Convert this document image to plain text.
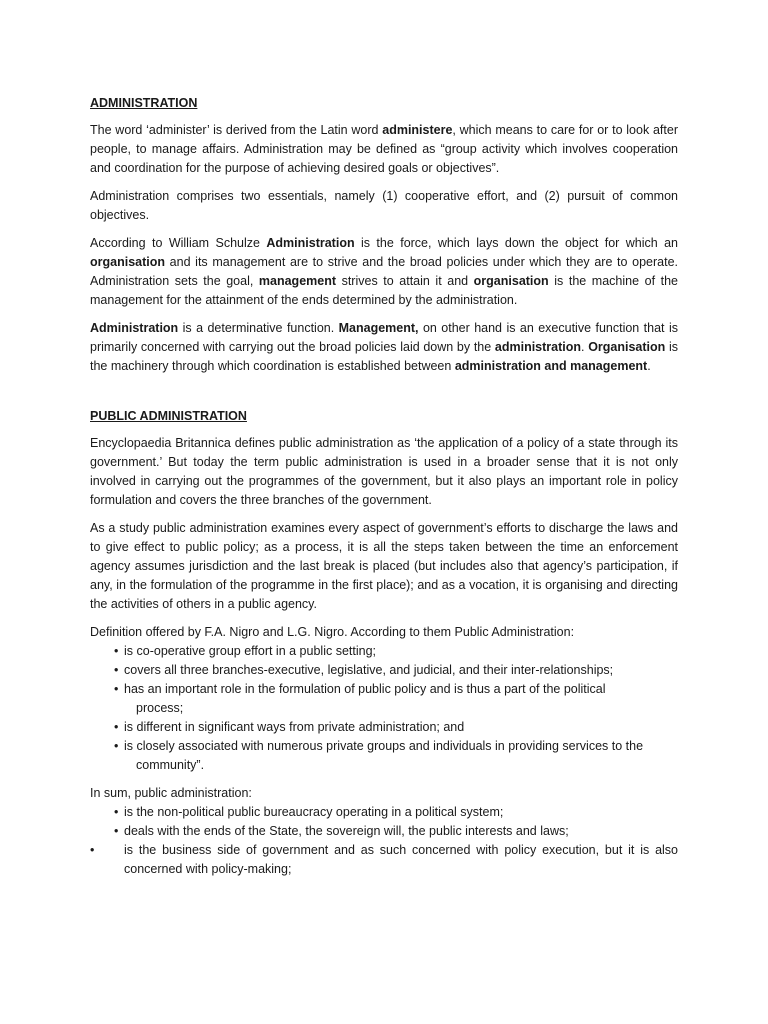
ADMINISTRATION

The word ‘administer’ is derived from the Latin word administere, which means to care for or to look after people, to manage affairs. Administration may be defined as “group activity which involves cooperation and coordination for the purpose of achieving desired goals or objectives”.

Administration comprises two essentials, namely (1) cooperative effort, and (2) pursuit of common objectives.

According to William Schulze Administration is the force, which lays down the object for which an organisation and its management are to strive and the broad policies under which they are to operate. Administration sets the goal, management strives to attain it and organisation is the machine of the management for the attainment of the ends determined by the administration.

Administration is a determinative function. Management, on other hand is an executive function that is primarily concerned with carrying out the broad policies laid down by the administration. Organisation is the machinery through which coordination is established between administration and management.

PUBLIC ADMINISTRATION

Encyclopaedia Britannica defines public administration as ‘the application of a policy of a state through its government.’ But today the term public administration is used in a broader sense that it is not only involved in carrying out the programmes of the government, but it also plays an important role in policy formulation and covers the three branches of the government.

As a study public administration examines every aspect of government’s efforts to discharge the laws and to give effect to public policy; as a process, it is all the steps taken between the time an enforcement agency assumes jurisdiction and the last break is placed (but includes also that agency’s participation, if any, in the formulation of the programme in the first place); and as a vocation, it is organising and directing the activities of others in a public agency.

Definition offered by F.A. Nigro and L.G. Nigro. According to them Public Administration:

• is co-operative group effort in a public setting;
• covers all three branches-executive, legislative, and judicial, and their inter-relationships;
• has an important role in the formulation of public policy and is thus a part of the political
process;
• is different in significant ways from private administration; and
• is closely associated with numerous private groups and individuals in providing services to the
community”.

In sum, public administration:

• is the non-political public bureaucracy operating in a political system;
• deals with the ends of the State, the sovereign will, the public interests and laws;
• is the business side of government and as such concerned with policy execution, but it is also concerned with policy-making;
